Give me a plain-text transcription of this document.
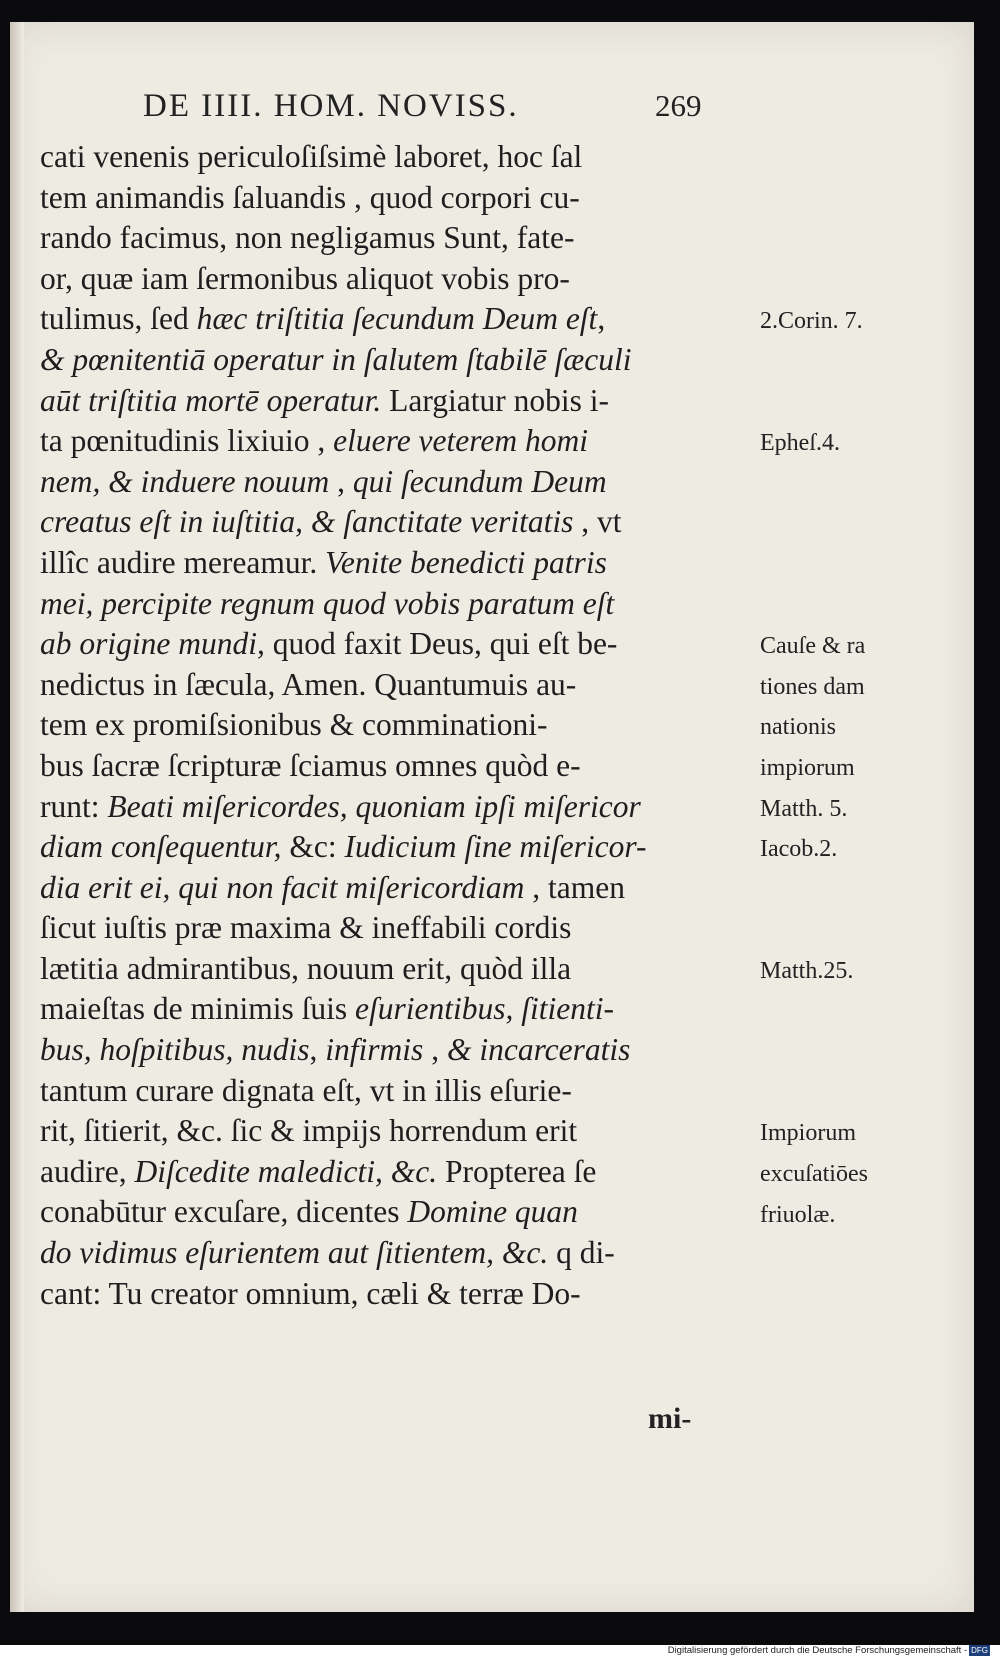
DE IIII. HOM. NOVISS.	269
cati venenis periculoſiſsimè laboret, hoc ſal
tem animandis ſaluandis , quod corpori cu-
rando facimus, non negligamus Sunt, fate-
or, quæ iam ſermonibus aliquot vobis pro-
tulimus, ſed hæc triſtitia ſecundum Deum eſt,
& pœnitentiā operatur in ſalutem ſtabilē ſæculi
aūt triſtitia mortē operatur. Largiatur nobis i-
ta pœnitudinis lixiuio , eluere veterem homi
nem, & induere nouum , qui ſecundum Deum
creatus eſt in iuſtitia, & ſanctitate veritatis , vt
illîc audire mereamur. Venite benedicti patris
mei, percipite regnum quod vobis paratum eſt
ab origine mundi, quod faxit Deus, qui eſt be-
nedictus in ſæcula, Amen. Quantumuis au-
tem ex promiſsionibus & comminationi-
bus ſacræ ſcripturæ ſciamus omnes quòd e-
runt: Beati miſericordes, quoniam ipſi miſericor
diam conſequentur, &c: Iudicium ſine miſericor-
dia erit ei, qui non facit miſericordiam , tamen
ſicut iuſtis præ maxima & ineffabili cordis
lætitia admirantibus, nouum erit, quòd illa
maieſtas de minimis ſuis eſurientibus, ſitienti-
bus, hoſpitibus, nudis, infirmis , & incarceratis
tantum curare dignata eſt, vt in illis eſurie-
rit, ſitierit, &c. ſic & impijs horrendum erit
audire, Diſcedite maledicti, &c. Propterea ſe
conabūtur excuſare, dicentes Domine quan
do vidimus eſurientem aut ſitientem, &c. q di-
cant: Tu creator omnium, cæli & terræ Do-
2.Corin. 7.
Epheſ.4.
Cauſe & ra
tiones dam
nationis
impiorum
Matth. 5.
Iacob.2.
Matth.25.
Impiorum
excuſatiōes
friuolæ.
mi-
Digitalisierung gefördert durch die Deutsche Forschungsgemeinschaft - DFG
